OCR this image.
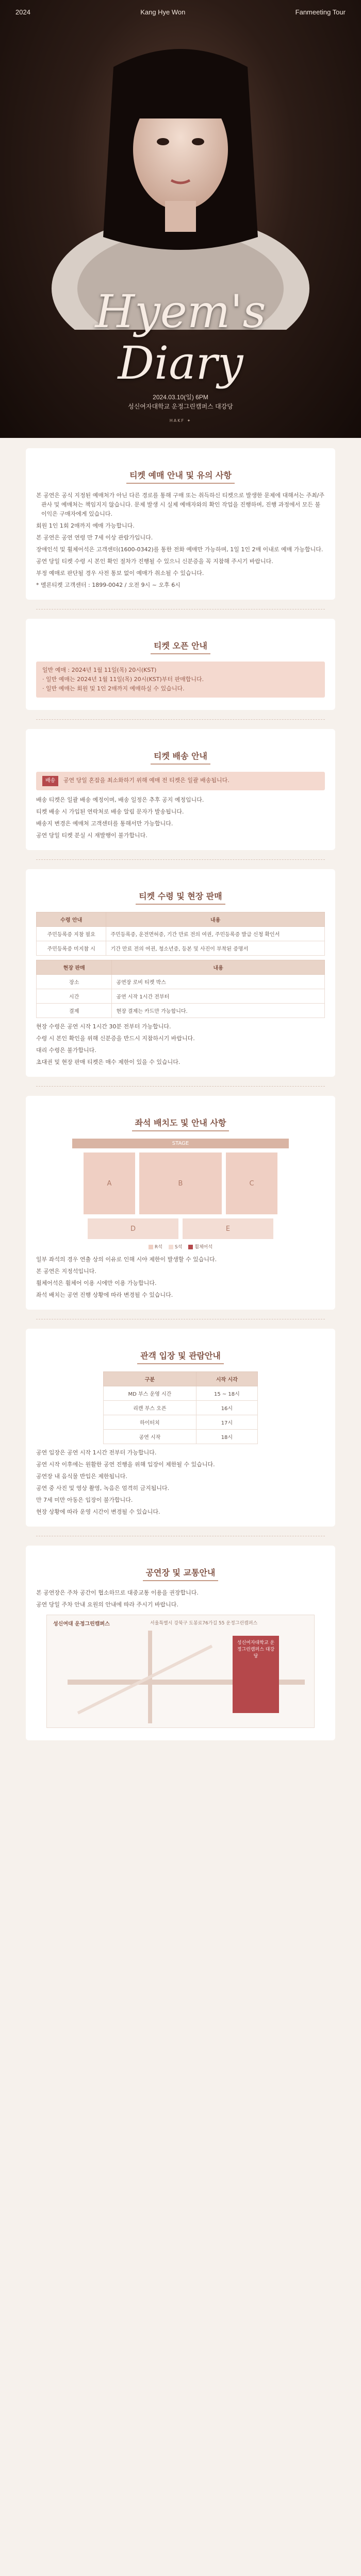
2024	Kang Hye Won	Fanmeeting Tour
Hyem's
Diary
2024.03.10(일) 6PM
성신여자대학교 운정그린캠퍼스 대강당
HAKF ✦
티켓 예매 안내 및 유의 사항
본 공연은 공식 지정된 예매처가 아닌 다른 경로를 통해 구매 또는 취득하신 티켓으로 발생한 문제에 대해서는 주최/주관사 및 예매처는 책임지지 않습니다. 문제 발생 시 실제 예매자와의 확인 작업을 진행하며, 진행 과정에서 모든 불이익은 구매자에게 있습니다.
회원 1인 1회 2매까지 예매 가능합니다.
본 공연은 공연 연령 만 7세 이상 관람가입니다.
장애인석 및 휠체어석은 고객센터(1600-0342)를 통한 전화 예매만 가능하며, 1일 1인 2매 이내로 예매 가능합니다.
공연 당일 티켓 수령 시 본인 확인 절차가 진행될 수 있으니 신분증을 꼭 지참해 주시기 바랍니다.
부정 예매로 판단될 경우 사전 통보 없이 예매가 취소될 수 있습니다.
* 멜론티켓 고객센터 : 1899-0042 / 오전 9시 ~ 오후 6시
티켓 오픈 안내
일반 예매 : 2024년 1월 11일(목) 20시(KST)
· 일반 예매는 2024년 1월 11일(목) 20시(KST)부터 판매합니다.
· 일반 예매는 회원 및 1인 2매까지 예매하실 수 있습니다.
티켓 배송 안내
배송 공연 당일 혼잡을 최소화하기 위해 예매 전 티켓은 일괄 배송됩니다.
배송 티켓은 일괄 배송 예정이며, 배송 일정은 추후 공지 예정입니다.
티켓 배송 시 가입된 연락처로 배송 알림 문자가 발송됩니다.
배송지 변경은 예매처 고객센터를 통해서만 가능합니다.
공연 당일 티켓 분실 시 재발행이 불가합니다.
티켓 수령 및 현장 판매
수령 안내	내용
주민등록증 지참 필요	주민등록증, 운전면허증, 기간 만료 전의 여권, 주민등록증 발급 신청 확인서
주민등록증 미지참 시	기간 만료 전의 여권, 청소년증, 등본 및 사진이 부착된 증명서
현장 판매	내용
장소	공연장 로비 티켓 박스
시간	공연 시작 1시간 전부터
결제	현장 결제는 카드만 가능합니다.
현장 수령은 공연 시작 1시간 30분 전부터 가능합니다.
수령 시 본인 확인을 위해 신분증을 반드시 지참하시기 바랍니다.
대리 수령은 불가합니다.
초대권 및 현장 판매 티켓은 매수 제한이 있을 수 있습니다.
좌석 배치도 및 안내 사항
STAGE
A	B	C
D	E
R석	S석	휠체어석
일부 좌석의 경우 연출 상의 이유로 인해 시야 제한이 발생할 수 있습니다.
본 공연은 지정석입니다.
휠체어석은 휠체어 이용 시에만 이용 가능합니다.
좌석 배치는 공연 진행 상황에 따라 변경될 수 있습니다.
관객 입장 및 관람안내
구분	시작 시각
MD 부스 운영 시간	15 ~ 18시
리캔 부스 오픈	16시
하이터치	17시
공연 시작	18시
공연 입장은 공연 시작 1시간 전부터 가능합니다.
공연 시작 이후에는 원활한 공연 진행을 위해 입장이 제한될 수 있습니다.
공연장 내 음식물 반입은 제한됩니다.
공연 중 사진 및 영상 촬영, 녹음은 엄격히 금지됩니다.
만 7세 미만 아동은 입장이 불가합니다.
현장 상황에 따라 운영 시간이 변경될 수 있습니다.
공연장 및 교통안내
본 공연장은 주차 공간이 협소하므로 대중교통 이용을 권장합니다.
공연 당일 주차 안내 요원의 안내에 따라 주시기 바랍니다.
성신여대 운정그린캠퍼스	서울특별시 강북구 도봉로76가길 55 운정그린캠퍼스
성신여자대학교 운정그린캠퍼스 대강당
